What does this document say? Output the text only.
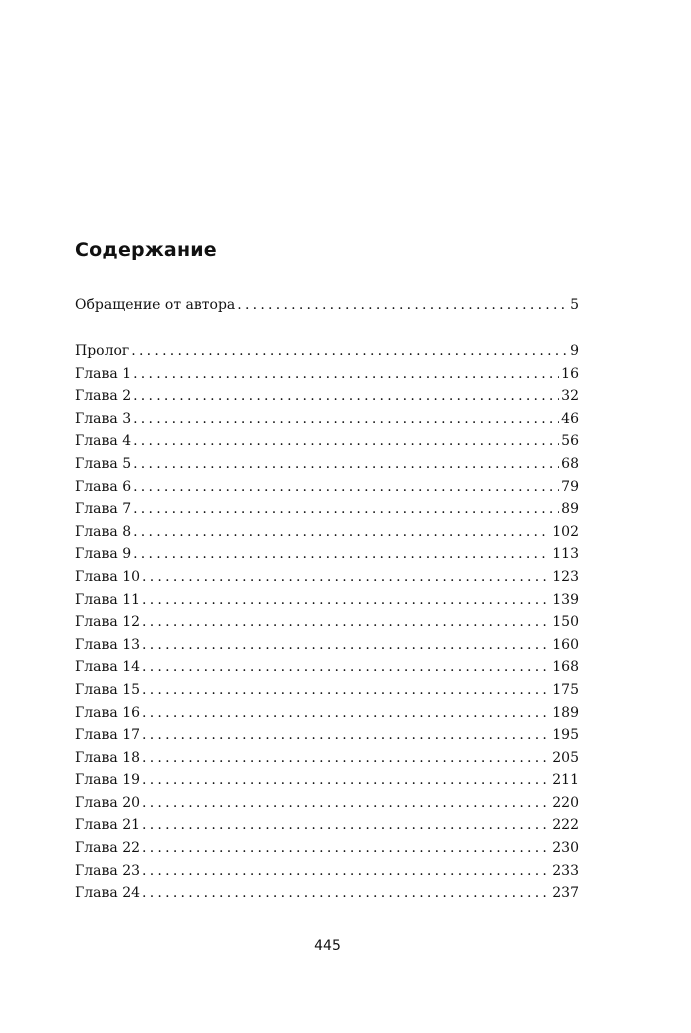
Содержание
Обращение от автора . . .	5
Пролог . . .	9
Глава 1 . . .	16
Глава 2 . . .	32
Глава 3 . . .	46
Глава 4 . . .	56
Глава 5 . . .	68
Глава 6 . . .	79
Глава 7 . . .	89
Глава 8 . . .	102
Глава 9 . . .	113
Глава 10 . . .	123
Глава 11 . . .	139
Глава 12 . . .	150
Глава 13 . . .	160
Глава 14 . . .	168
Глава 15 . . .	175
Глава 16 . . .	189
Глава 17 . . .	195
Глава 18 . . .	205
Глава 19 . . .	211
Глава 20 . . .	220
Глава 21 . . .	222
Глава 22 . . .	230
Глава 23 . . .	233
Глава 24 . . .	237
445
